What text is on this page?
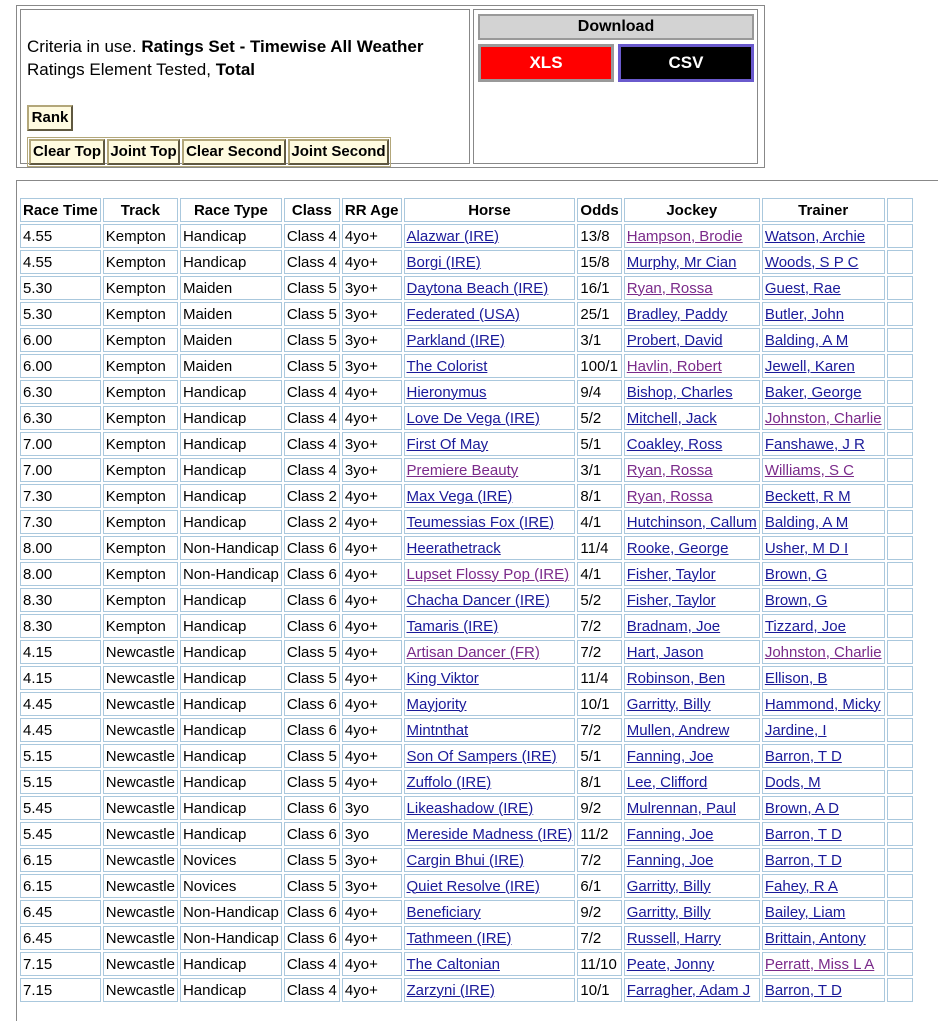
Criteria in use. Ratings Set - Timewise All Weather
Ratings Element Tested, Total
Rank
Clear Top Joint Top Clear Second Joint Second
Download
XLS	CSV
Race Time	Track	Race Type	Class	RR Age	Horse	Odds	Jockey	Trainer	
4.55	Kempton	Handicap	Class 4	4yo+	Alazwar (IRE)	13/8	Hampson, Brodie	Watson, Archie	
4.55	Kempton	Handicap	Class 4	4yo+	Borgi (IRE)	15/8	Murphy, Mr Cian	Woods, S P C	
5.30	Kempton	Maiden	Class 5	3yo+	Daytona Beach (IRE)	16/1	Ryan, Rossa	Guest, Rae	
5.30	Kempton	Maiden	Class 5	3yo+	Federated (USA)	25/1	Bradley, Paddy	Butler, John	
6.00	Kempton	Maiden	Class 5	3yo+	Parkland (IRE)	3/1	Probert, David	Balding, A M	
6.00	Kempton	Maiden	Class 5	3yo+	The Colorist	100/1	Havlin, Robert	Jewell, Karen	
6.30	Kempton	Handicap	Class 4	4yo+	Hieronymus	9/4	Bishop, Charles	Baker, George	
6.30	Kempton	Handicap	Class 4	4yo+	Love De Vega (IRE)	5/2	Mitchell, Jack	Johnston, Charlie	
7.00	Kempton	Handicap	Class 4	3yo+	First Of May	5/1	Coakley, Ross	Fanshawe, J R	
7.00	Kempton	Handicap	Class 4	3yo+	Premiere Beauty	3/1	Ryan, Rossa	Williams, S C	
7.30	Kempton	Handicap	Class 2	4yo+	Max Vega (IRE)	8/1	Ryan, Rossa	Beckett, R M	
7.30	Kempton	Handicap	Class 2	4yo+	Teumessias Fox (IRE)	4/1	Hutchinson, Callum	Balding, A M	
8.00	Kempton	Non-Handicap	Class 6	4yo+	Heerathetrack	11/4	Rooke, George	Usher, M D I	
8.00	Kempton	Non-Handicap	Class 6	4yo+	Lupset Flossy Pop (IRE)	4/1	Fisher, Taylor	Brown, G	
8.30	Kempton	Handicap	Class 6	4yo+	Chacha Dancer (IRE)	5/2	Fisher, Taylor	Brown, G	
8.30	Kempton	Handicap	Class 6	4yo+	Tamaris (IRE)	7/2	Bradnam, Joe	Tizzard, Joe	
4.15	Newcastle	Handicap	Class 5	4yo+	Artisan Dancer (FR)	7/2	Hart, Jason	Johnston, Charlie	
4.15	Newcastle	Handicap	Class 5	4yo+	King Viktor	11/4	Robinson, Ben	Ellison, B	
4.45	Newcastle	Handicap	Class 6	4yo+	Mayjority	10/1	Garritty, Billy	Hammond, Micky	
4.45	Newcastle	Handicap	Class 6	4yo+	Mintnthat	7/2	Mullen, Andrew	Jardine, I	
5.15	Newcastle	Handicap	Class 5	4yo+	Son Of Sampers (IRE)	5/1	Fanning, Joe	Barron, T D	
5.15	Newcastle	Handicap	Class 5	4yo+	Zuffolo (IRE)	8/1	Lee, Clifford	Dods, M	
5.45	Newcastle	Handicap	Class 6	3yo	Likeashadow (IRE)	9/2	Mulrennan, Paul	Brown, A D	
5.45	Newcastle	Handicap	Class 6	3yo	Mereside Madness (IRE)	11/2	Fanning, Joe	Barron, T D	
6.15	Newcastle	Novices	Class 5	3yo+	Cargin Bhui (IRE)	7/2	Fanning, Joe	Barron, T D	
6.15	Newcastle	Novices	Class 5	3yo+	Quiet Resolve (IRE)	6/1	Garritty, Billy	Fahey, R A	
6.45	Newcastle	Non-Handicap	Class 6	4yo+	Beneficiary	9/2	Garritty, Billy	Bailey, Liam	
6.45	Newcastle	Non-Handicap	Class 6	4yo+	Tathmeen (IRE)	7/2	Russell, Harry	Brittain, Antony	
7.15	Newcastle	Handicap	Class 4	4yo+	The Caltonian	11/10	Peate, Jonny	Perratt, Miss L A	
7.15	Newcastle	Handicap	Class 4	4yo+	Zarzyni (IRE)	10/1	Farragher, Adam J	Barron, T D	
